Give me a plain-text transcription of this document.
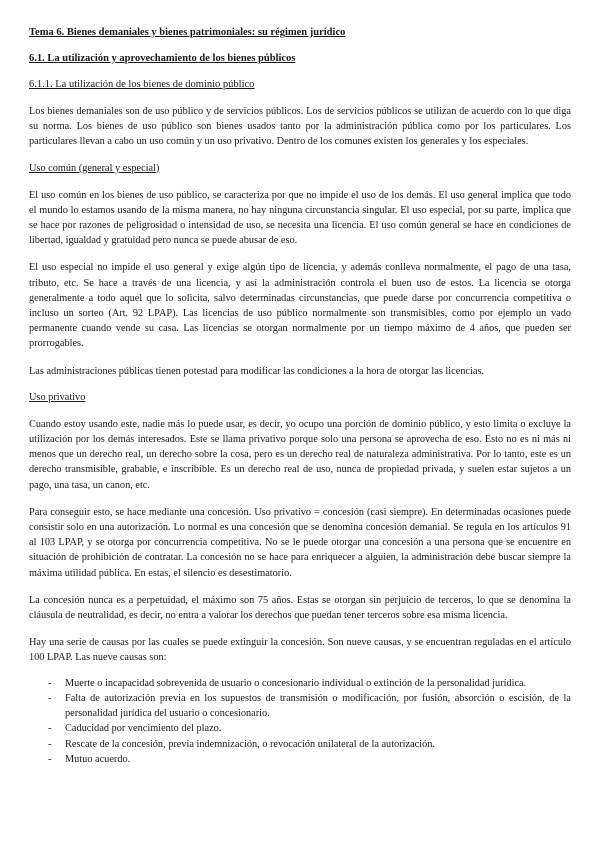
Tema 6. Bienes demaniales y bienes patrimoniales: su régimen jurídico
6.1. La utilización y aprovechamiento de los bienes públicos
6.1.1. La utilización de los bienes de dominio público

Los bienes demaniales son de uso público y de servicios públicos. Los de servicios públicos se utilizan de acuerdo con lo que diga su norma. Los bienes de uso público son bienes usados tanto por la administración pública como por los particulares. Los particulares llevan a cabo un uso común y un uso privativo. Dentro de los comunes existen los generales y los especiales.

Uso común (general y especial)

El uso común en los bienes de uso público, se caracteriza por que no impide el uso de los demás. El uso general implica que todo el mundo lo estamos usando de la misma manera, no hay ninguna circunstancia singular. El uso especial, por su parte, implica que se hace por razones de peligrosidad o intensidad de uso, se necesita una licencia. El uso común general se hace en condiciones de libertad, igualdad y gratuidad pero nunca se puede abusar de eso.

El uso especial no impide el uso general y exige algún tipo de licencia, y además conlleva normalmente, el pago de una tasa, tributo, etc. Se hace a través de una licencia, y así la administración controla el buen uso de estos. La licencia se otorga generalmente a todo aquel que lo solicita, salvo determinadas circunstancias, que puede darse por concurrencia competitiva o incluso un sorteo (Art. 92 LPAP). Las licencias de uso público normalmente son transmisibles, como por ejemplo un vado permanente cuando vende su casa. Las licencias se otorgan normalmente por un tiempo máximo de 4 años, que pueden ser prorrogables.

Las administraciones públicas tienen potestad para modificar las condiciones a la hora de otorgar las licencias.

Uso privativo

Cuando estoy usando este, nadie más lo puede usar, es decir, yo ocupo una porción de dominio público, y esto limita o excluye la utilización por los demás interesados. Este se llama privativo porque solo una persona se aprovecha de eso. Esto no es ni más ni menos que un derecho real, un derecho sobre la cosa, pero es un derecho real de naturaleza administrativa. Por lo tanto, este es un derecho transmisible, grabable, e inscribible. Es un derecho real de uso, nunca de propiedad privada, y suelen estar sujetos a un pago, una tasa, un canon, etc.

Para conseguir esto, se hace mediante una concesión. Uso privativo = concesión (casi siempre). En determinadas ocasiones puede consistir solo en una autorización. Lo normal es una concesión que se denomina concesión demanial. Se regula en los artículos 91 al 103 LPAP, y se otorga por concurrencia competitiva. No se le puede otorgar una concesión a una persona que se encuentre en situación de prohibición de contratar. La concesión no se hace para enriquecer a alguien, la administración debe buscar siempre la máxima utilidad pública. En estas, el silencio es desestimatorio.

La concesión nunca es a perpetuidad, el máximo son 75 años. Estas se otorgan sin perjuicio de terceros, lo que se denomina la cláusula de neutralidad, es decir, no entra a valorar los derechos que puedan tener terceros sobre esa misma licencia.

Hay una serie de causas por las cuales se puede extinguir la concesión. Son nueve causas, y se encuentran reguladas en el artículo 100 LPAP. Las nueve causas son:

- Muerte o incapacidad sobrevenida de usuario o concesionario individual o extinción de la personalidad jurídica.
- Falta de autorización previa en los supuestos de transmisión o modificación, por fusión, absorción o escisión, de la personalidad jurídica del usuario o concesionario.
- Caducidad por vencimiento del plazo.
- Rescate de la concesión, previa indemnización, o revocación unilateral de la autorización.
- Mutuo acuerdo.
